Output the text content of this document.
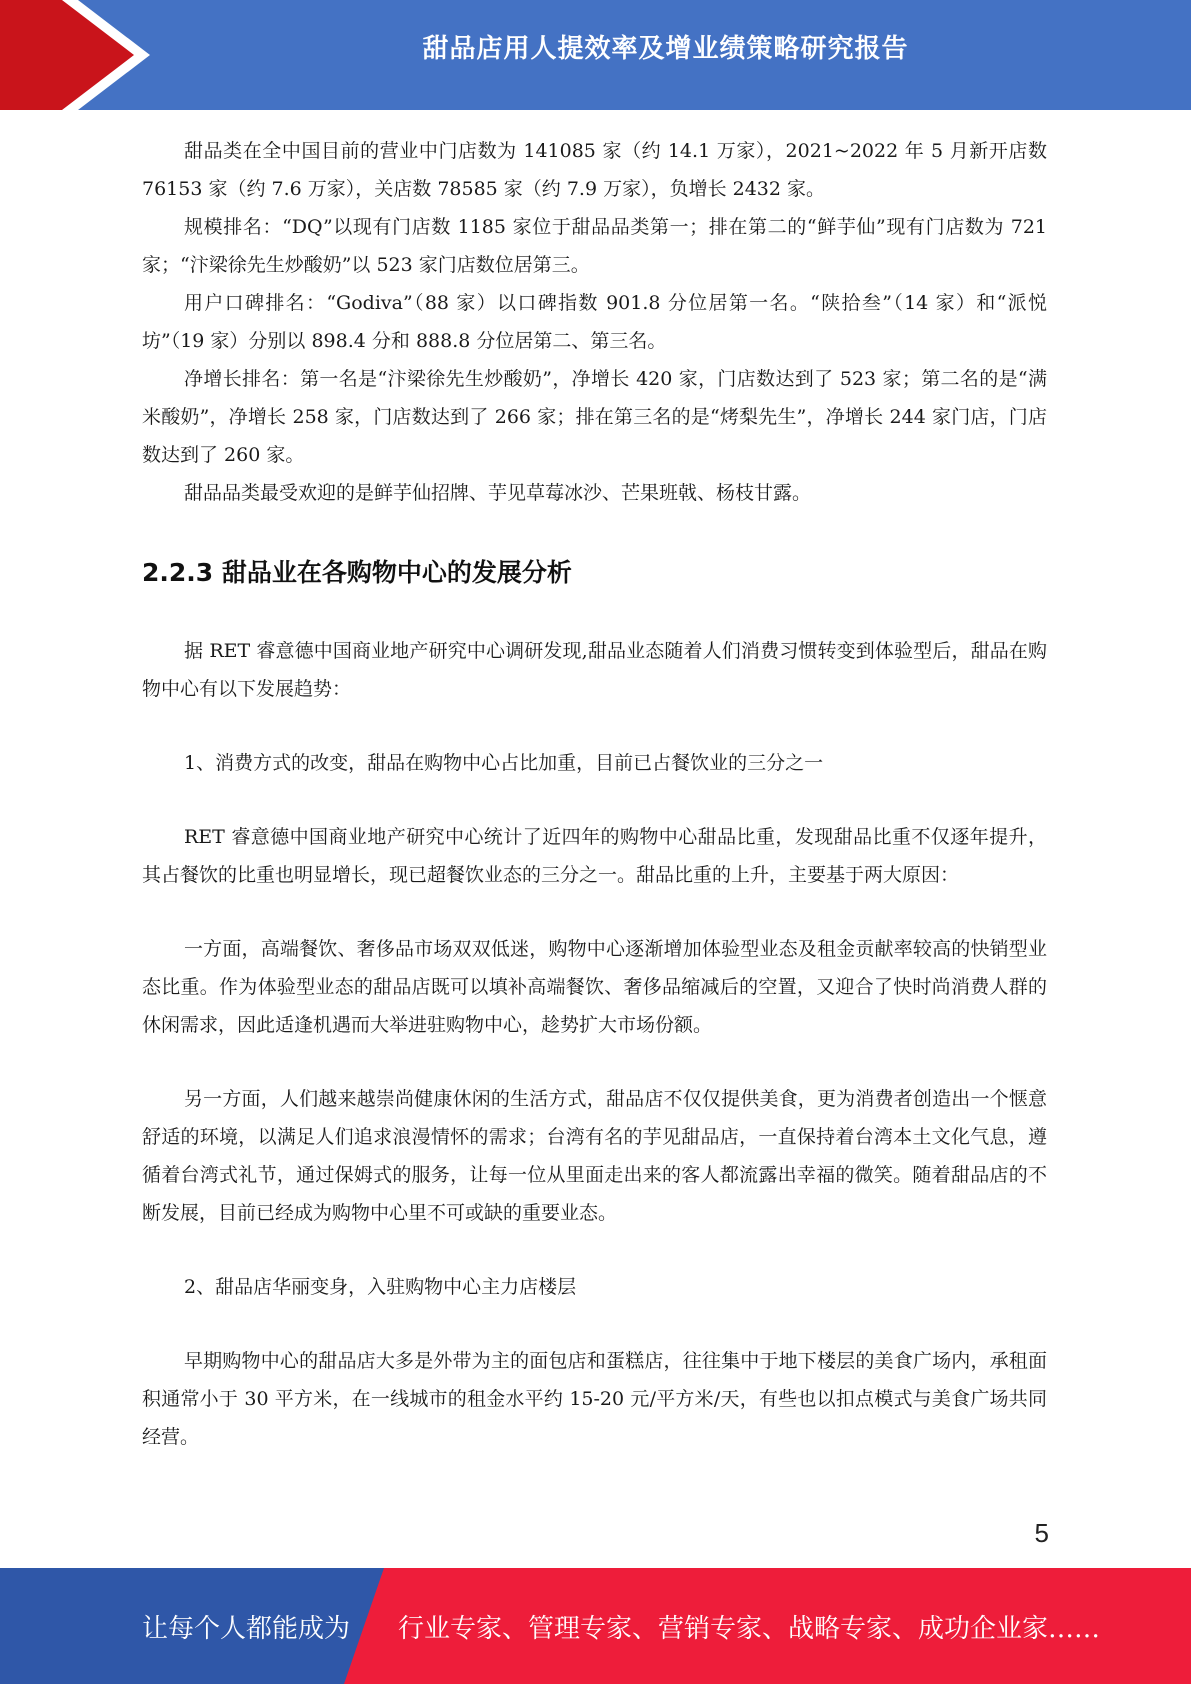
甜品店用人提效率及增业绩策略研究报告

甜品类在全中国目前的营业中门店数为 141085 家（约 14.1 万家），2021~2022 年 5 月新开店数 76153 家（约 7.6 万家），关店数 78585 家（约 7.9 万家），负增长 2432 家。

规模排名：“DQ”以现有门店数 1185 家位于甜品品类第一；排在第二的“鲜芋仙”现有门店数为 721 家；“汴梁徐先生炒酸奶”以 523 家门店数位居第三。

用户口碑排名：“Godiva”（88 家）以口碑指数 901.8 分位居第一名。“陕拾叁”（14 家）和“派悦坊”（19 家）分别以 898.4 分和 888.8 分位居第二、第三名。

净增长排名：第一名是“汴梁徐先生炒酸奶”，净增长 420 家，门店数达到了 523 家；第二名的是“满米酸奶”，净增长 258 家，门店数达到了 266 家；排在第三名的是“烤梨先生”，净增长 244 家门店，门店数达到了 260 家。

甜品品类最受欢迎的是鲜芋仙招牌、芋见草莓冰沙、芒果班戟、杨枝甘露。

2.2.3 甜品业在各购物中心的发展分析

据 RET 睿意德中国商业地产研究中心调研发现,甜品业态随着人们消费习惯转变到体验型后，甜品在购物中心有以下发展趋势：

1、消费方式的改变，甜品在购物中心占比加重，目前已占餐饮业的三分之一

RET 睿意德中国商业地产研究中心统计了近四年的购物中心甜品比重，发现甜品比重不仅逐年提升，其占餐饮的比重也明显增长，现已超餐饮业态的三分之一。甜品比重的上升，主要基于两大原因：

一方面，高端餐饮、奢侈品市场双双低迷，购物中心逐渐增加体验型业态及租金贡献率较高的快销型业态比重。作为体验型业态的甜品店既可以填补高端餐饮、奢侈品缩减后的空置，又迎合了快时尚消费人群的休闲需求，因此适逢机遇而大举进驻购物中心，趁势扩大市场份额。

另一方面，人们越来越崇尚健康休闲的生活方式，甜品店不仅仅提供美食，更为消费者创造出一个惬意舒适的环境，以满足人们追求浪漫情怀的需求；台湾有名的芋见甜品店，一直保持着台湾本土文化气息，遵循着台湾式礼节，通过保姆式的服务，让每一位从里面走出来的客人都流露出幸福的微笑。随着甜品店的不断发展，目前已经成为购物中心里不可或缺的重要业态。

2、甜品店华丽变身，入驻购物中心主力店楼层

早期购物中心的甜品店大多是外带为主的面包店和蛋糕店，往往集中于地下楼层的美食广场内，承租面积通常小于 30 平方米，在一线城市的租金水平约 15-20 元/平方米/天，有些也以扣点模式与美食广场共同经营。

5
让每个人都能成为 行业专家、管理专家、营销专家、战略专家、成功企业家……
